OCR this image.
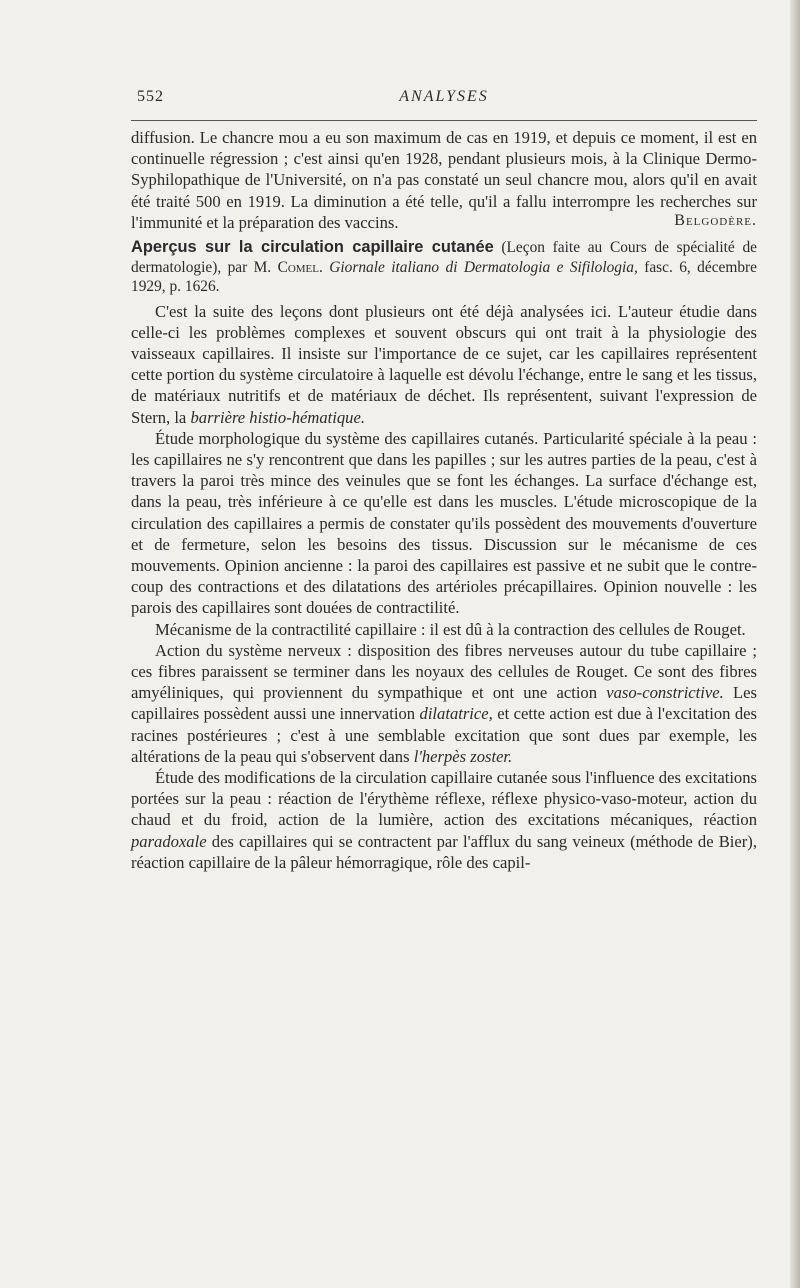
552	ANALYSES

diffusion. Le chancre mou a eu son maximum de cas en 1919, et depuis ce moment, il est en continuelle régression ; c'est ainsi qu'en 1928, pendant plusieurs mois, à la Clinique Dermo-Syphilopathique de l'Université, on n'a pas constaté un seul chancre mou, alors qu'il en avait été traité 500 en 1919. La diminution a été telle, qu'il a fallu interrompre les recherches sur l'immunité et la préparation des vaccins.	Belgodère.
Aperçus sur la circulation capillaire cutanée (Leçon faite au Cours de spécialité de dermatologie), par M. Comel. Giornale italiano di Dermatologia e Sifilologia, fasc. 6, décembre 1929, p. 1626.

C'est la suite des leçons dont plusieurs ont été déjà analysées ici. L'auteur étudie dans celle-ci les problèmes complexes et souvent obscurs qui ont trait à la physiologie des vaisseaux capillaires. Il insiste sur l'importance de ce sujet, car les capillaires représentent cette portion du système circulatoire à laquelle est dévolu l'échange, entre le sang et les tissus, de matériaux nutritifs et de matériaux de déchet. Ils représentent, suivant l'expression de Stern, la barrière histio-hématique.

Étude morphologique du système des capillaires cutanés. Particularité spéciale à la peau : les capillaires ne s'y rencontrent que dans les papilles ; sur les autres parties de la peau, c'est à travers la paroi très mince des veinules que se font les échanges. La surface d'échange est, dans la peau, très inférieure à ce qu'elle est dans les muscles. L'étude microscopique de la circulation des capillaires a permis de constater qu'ils possèdent des mouvements d'ouverture et de fermeture, selon les besoins des tissus. Discussion sur le mécanisme de ces mouvements. Opinion ancienne : la paroi des capillaires est passive et ne subit que le contre-coup des contractions et des dilatations des artérioles précapillaires. Opinion nouvelle : les parois des capillaires sont douées de contractilité.

Mécanisme de la contractilité capillaire : il est dû à la contraction des cellules de Rouget.

Action du système nerveux : disposition des fibres nerveuses autour du tube capillaire ; ces fibres paraissent se terminer dans les noyaux des cellules de Rouget. Ce sont des fibres amyéliniques, qui proviennent du sympathique et ont une action vaso-constrictive. Les capillaires possèdent aussi une innervation dilatatrice, et cette action est due à l'excitation des racines postérieures ; c'est à une semblable excitation que sont dues par exemple, les altérations de la peau qui s'observent dans l'herpès zoster.

Étude des modifications de la circulation capillaire cutanée sous l'influence des excitations portées sur la peau : réaction de l'érythème réflexe, réflexe physico-vaso-moteur, action du chaud et du froid, action de la lumière, action des excitations mécaniques, réaction paradoxale des capillaires qui se contractent par l'afflux du sang veineux (méthode de Bier), réaction capillaire de la pâleur hémorragique, rôle des capil-
